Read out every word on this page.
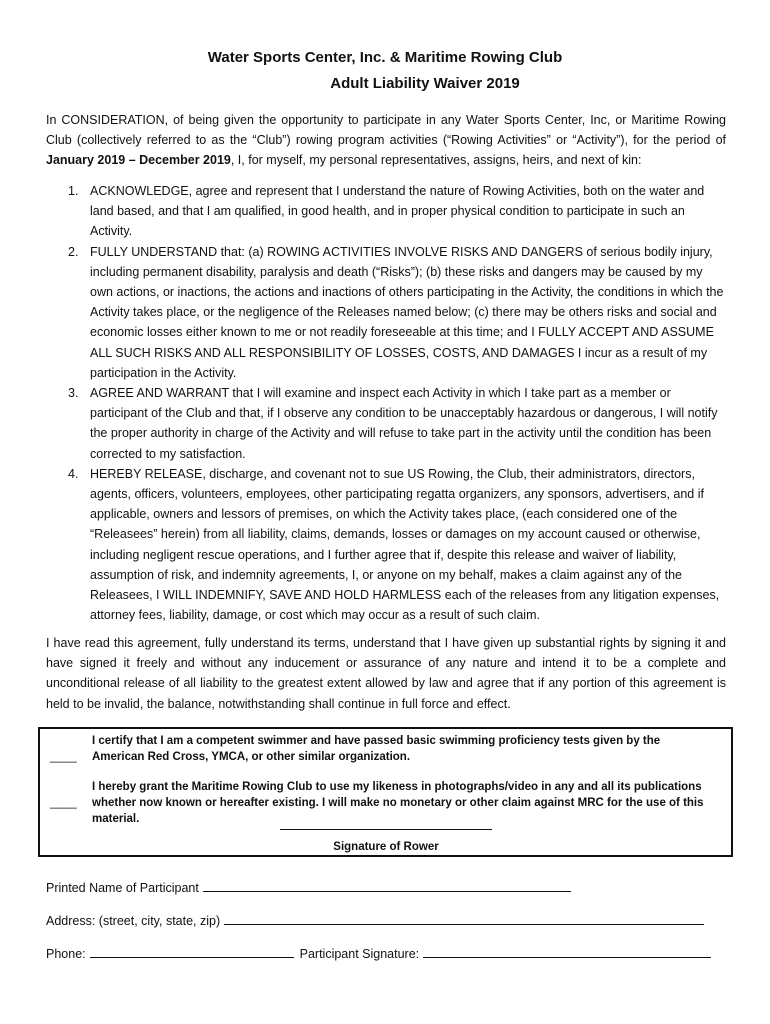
Water Sports Center, Inc. & Maritime Rowing Club
Adult Liability Waiver 2019
In CONSIDERATION, of being given the opportunity to participate in any Water Sports Center, Inc, or Maritime Rowing Club (collectively referred to as the “Club”) rowing program activities (“Rowing Activities” or “Activity”), for the period of January 2019 – December 2019, I, for myself, my personal representatives, assigns, heirs, and next of kin:
1. ACKNOWLEDGE, agree and represent that I understand the nature of Rowing Activities, both on the water and land based, and that I am qualified, in good health, and in proper physical condition to participate in such an Activity.
2. FULLY UNDERSTAND that: (a) ROWING ACTIVITIES INVOLVE RISKS AND DANGERS of serious bodily injury, including permanent disability, paralysis and death (“Risks”); (b) these risks and dangers may be caused by my own actions, or inactions, the actions and inactions of others participating in the Activity, the conditions in which the Activity takes place, or the negligence of the Releases named below; (c) there may be others risks and social and economic losses either known to me or not readily foreseeable at this time; and I FULLY ACCEPT AND ASSUME ALL SUCH RISKS AND ALL RESPONSIBILITY OF LOSSES, COSTS, AND DAMAGES I incur as a result of my participation in the Activity.
3. AGREE AND WARRANT that I will examine and inspect each Activity in which I take part as a member or participant of the Club and that, if I observe any condition to be unacceptably hazardous or dangerous, I will notify the proper authority in charge of the Activity and will refuse to take part in the activity until the condition has been corrected to my satisfaction.
4. HEREBY RELEASE, discharge, and covenant not to sue US Rowing, the Club, their administrators, directors, agents, officers, volunteers, employees, other participating regatta organizers, any sponsors, advertisers, and if applicable, owners and lessors of premises, on which the Activity takes place, (each considered one of the “Releasees” herein) from all liability, claims, demands, losses or damages on my account caused or otherwise, including negligent rescue operations, and I further agree that if, despite this release and waiver of liability, assumption of risk, and indemnity agreements, I, or anyone on my behalf, makes a claim against any of the Releasees, I WILL INDEMNIFY, SAVE AND HOLD HARMLESS each of the releases from any litigation expenses, attorney fees, liability, damage, or cost which may occur as a result of such claim.
I have read this agreement, fully understand its terms, understand that I have given up substantial rights by signing it and have signed it freely and without any inducement or assurance of any nature and intend it to be a complete and unconditional release of all liability to the greatest extent allowed by law and agree that if any portion of this agreement is held to be invalid, the balance, notwithstanding shall continue in full force and effect.
____
I certify that I am a competent swimmer and have passed basic swimming proficiency tests given by the American Red Cross, YMCA, or other similar organization.
____
I hereby grant the Maritime Rowing Club to use my likeness in photographs/video in any and all its publications whether now known or hereafter existing. I will make no monetary or other claim against MRC for the use of this material.
Signature of Rower
Printed Name of Participant
Address: (street, city, state, zip)
Phone:	Participant Signature:
